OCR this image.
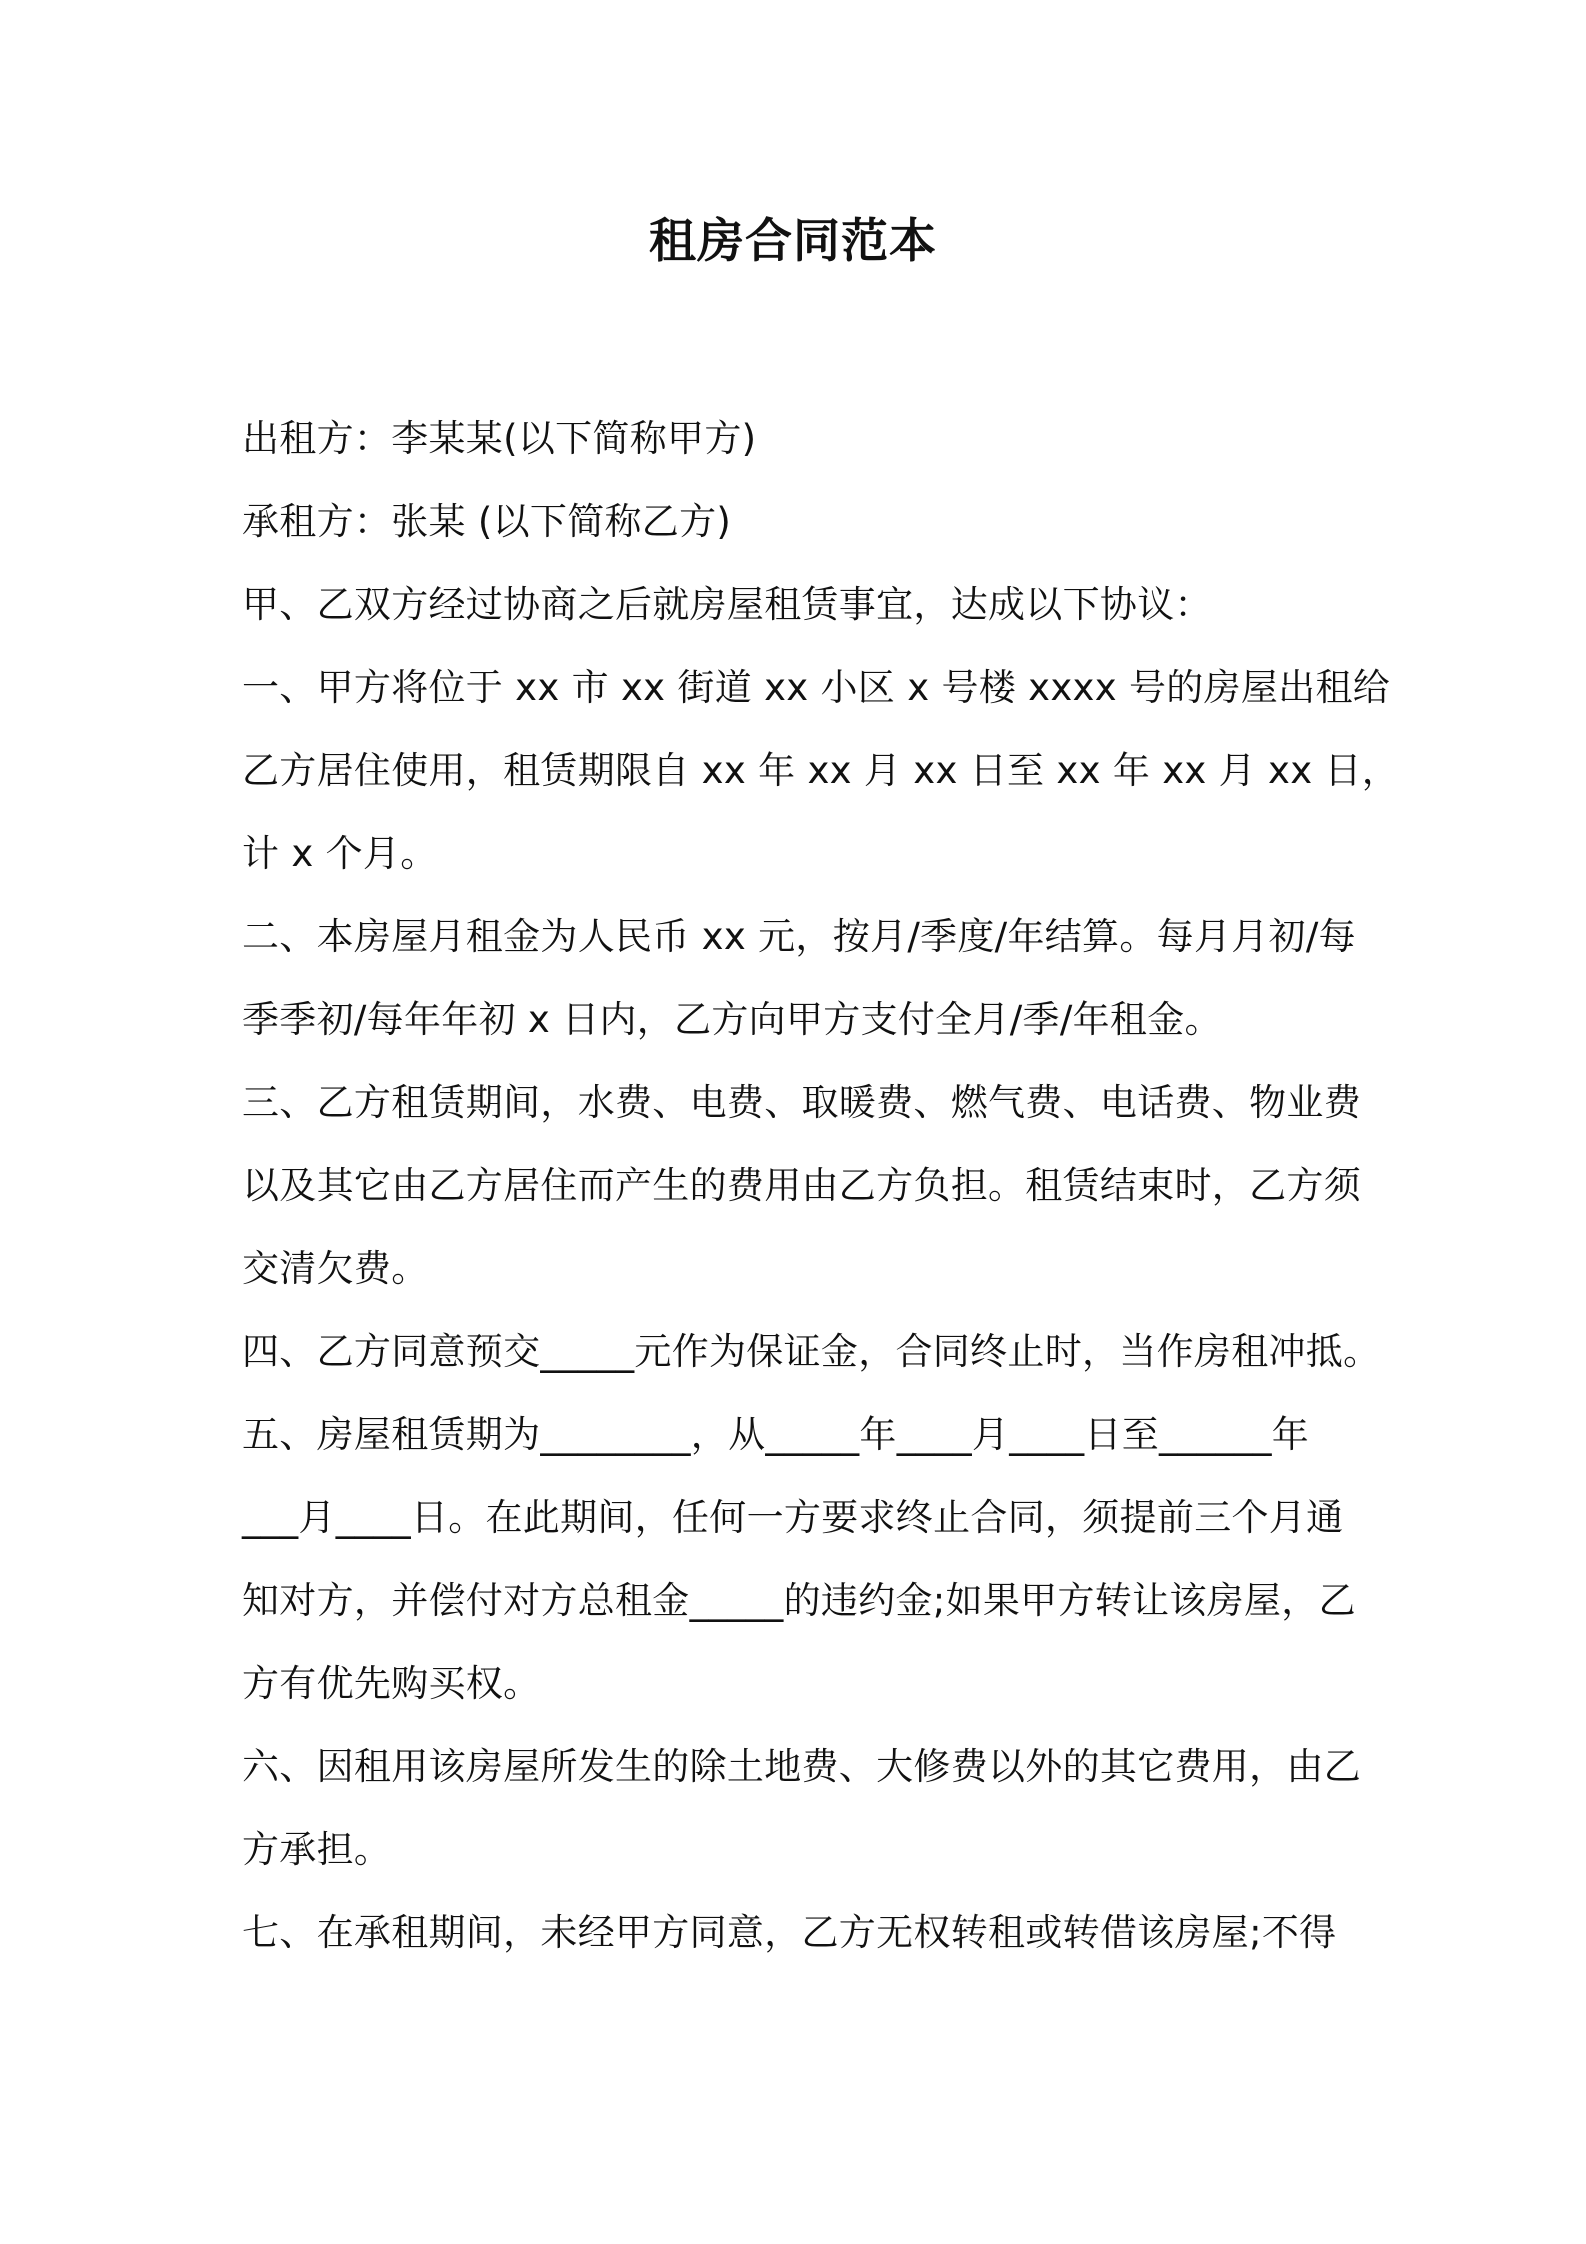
租房合同范本
出租方：李某某(以下简称甲方)
承租方：张某 (以下简称乙方)
甲、乙双方经过协商之后就房屋租赁事宜，达成以下协议：
一、甲方将位于 xx 市 xx 街道 xx 小区 x 号楼 xxxx 号的房屋出租给
乙方居住使用，租赁期限自 xx 年 xx 月 xx 日至 xx 年 xx 月 xx 日，
计 x 个月。
二、本房屋月租金为人民币 xx 元，按月/季度/年结算。每月月初/每
季季初/每年年初 x 日内，乙方向甲方支付全月/季/年租金。
三、乙方租赁期间，水费、电费、取暖费、燃气费、电话费、物业费
以及其它由乙方居住而产生的费用由乙方负担。租赁结束时，乙方须
交清欠费。
四、乙方同意预交_____元作为保证金，合同终止时，当作房租冲抵。
五、房屋租赁期为________，从_____年____月____日至______年
___月____日。在此期间，任何一方要求终止合同，须提前三个月通
知对方，并偿付对方总租金_____的违约金;如果甲方转让该房屋，乙
方有优先购买权。
六、因租用该房屋所发生的除土地费、大修费以外的其它费用，由乙
方承担。
七、在承租期间，未经甲方同意，乙方无权转租或转借该房屋;不得
